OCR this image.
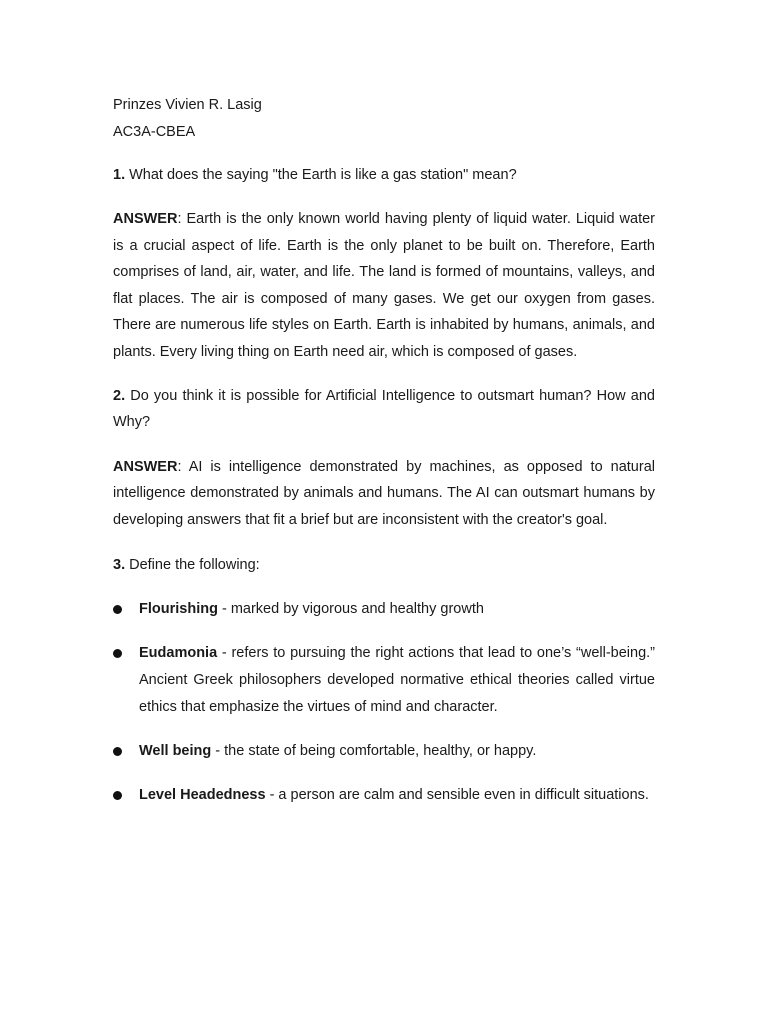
Prinzes Vivien R. Lasig

AC3A-CBEA

1. What does the saying "the Earth is like a gas station" mean?

ANSWER: Earth is the only known world having plenty of liquid water. Liquid water is a crucial aspect of life. Earth is the only planet to be built on. Therefore, Earth comprises of land, air, water, and life. The land is formed of mountains, valleys, and flat places. The air is composed of many gases. We get our oxygen from gases. There are numerous life styles on Earth. Earth is inhabited by humans, animals, and plants. Every living thing on Earth need air, which is composed of gases.

2. Do you think it is possible for Artificial Intelligence to outsmart human? How and Why?

ANSWER: AI is intelligence demonstrated by machines, as opposed to natural intelligence demonstrated by animals and humans. The AI can outsmart humans by developing answers that fit a brief but are inconsistent with the creator's goal.

3. Define the following:

Flourishing - marked by vigorous and healthy growth
Eudamonia - refers to pursuing the right actions that lead to one’s “well-being.” Ancient Greek philosophers developed normative ethical theories called virtue ethics that emphasize the virtues of mind and character.
Well being - the state of being comfortable, healthy, or happy.
Level Headedness - a person are calm and sensible even in difficult situations.
